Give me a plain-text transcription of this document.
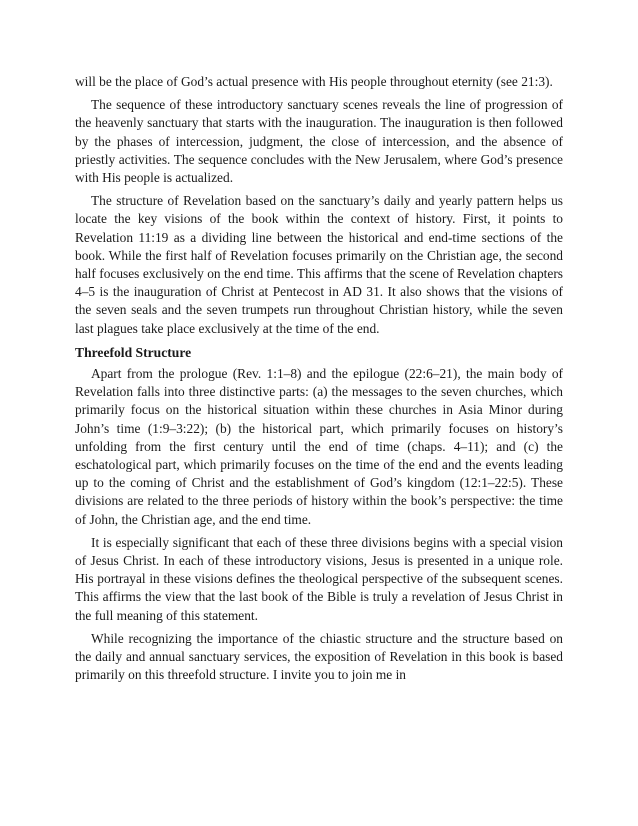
will be the place of God’s actual presence with His people throughout eternity (see 21:3).

The sequence of these introductory sanctuary scenes reveals the line of progression of the heavenly sanctuary that starts with the inauguration. The inauguration is then followed by the phases of intercession, judgment, the close of intercession, and the absence of priestly activities. The sequence concludes with the New Jerusalem, where God’s presence with His people is actualized.

The structure of Revelation based on the sanctuary’s daily and yearly pattern helps us locate the key visions of the book within the context of history. First, it points to Revelation 11:19 as a dividing line between the historical and end-time sections of the book. While the first half of Revelation focuses primarily on the Christian age, the second half focuses exclusively on the end time. This affirms that the scene of Revelation chapters 4–5 is the inauguration of Christ at Pentecost in AD 31. It also shows that the visions of the seven seals and the seven trumpets run throughout Christian history, while the seven last plagues take place exclusively at the time of the end.

Threefold Structure

Apart from the prologue (Rev. 1:1–8) and the epilogue (22:6–21), the main body of Revelation falls into three distinctive parts: (a) the messages to the seven churches, which primarily focus on the historical situation within these churches in Asia Minor during John’s time (1:9–3:22); (b) the historical part, which primarily focuses on history’s unfolding from the first century until the end of time (chaps. 4–11); and (c) the eschatological part, which primarily focuses on the time of the end and the events leading up to the coming of Christ and the establishment of God’s kingdom (12:1–22:5). These divisions are related to the three periods of history within the book’s perspective: the time of John, the Christian age, and the end time.

It is especially significant that each of these three divisions begins with a special vision of Jesus Christ. In each of these introductory visions, Jesus is presented in a unique role. His portrayal in these visions defines the theological perspective of the subsequent scenes. This affirms the view that the last book of the Bible is truly a revelation of Jesus Christ in the full meaning of this statement.

While recognizing the importance of the chiastic structure and the structure based on the daily and annual sanctuary services, the exposition of Revelation in this book is based primarily on this threefold structure. I invite you to join me in
